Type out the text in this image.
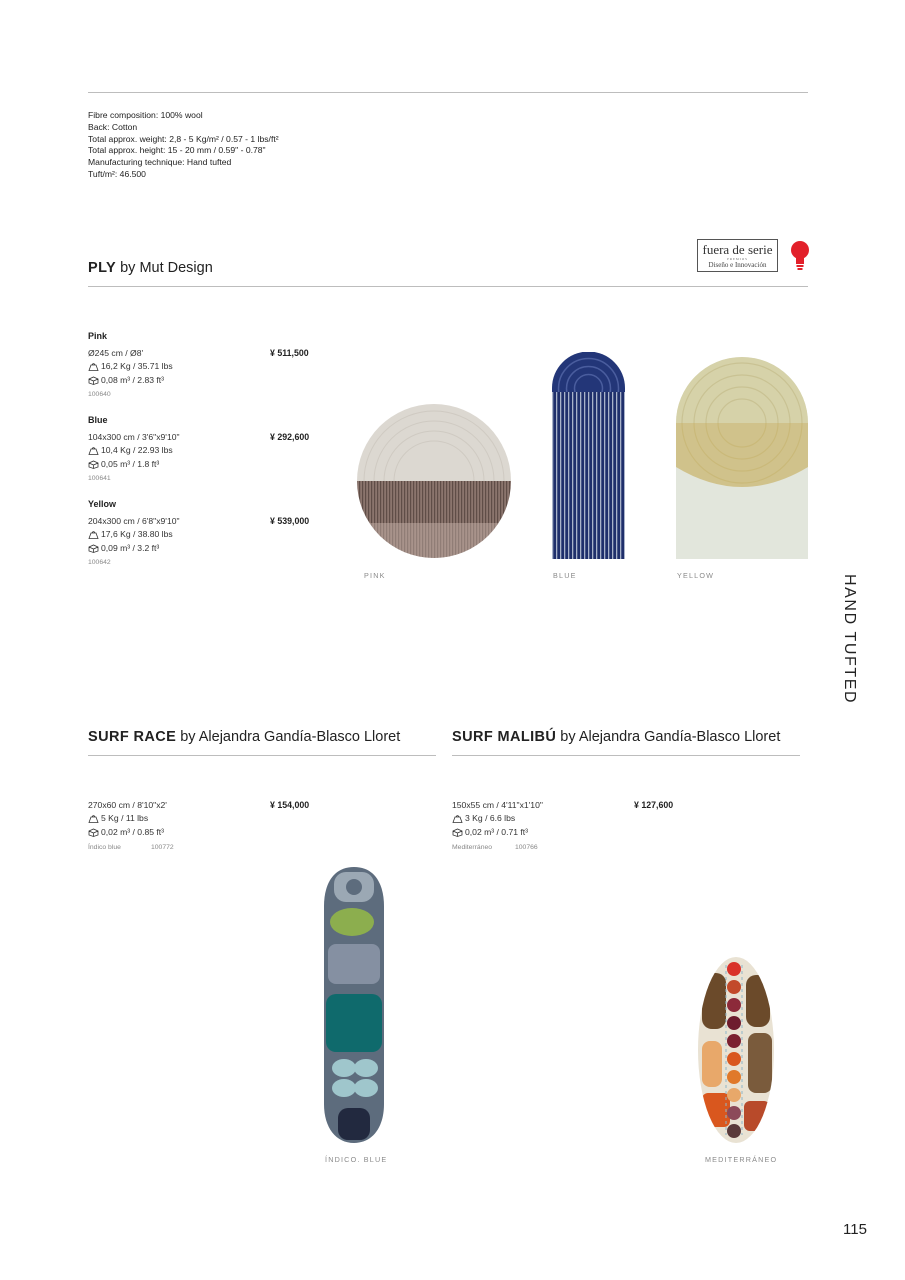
Fibre composition: 100% wool
Back: Cotton
Total approx. weight: 2,8 - 5 Kg/m² / 0.57 - 1 lbs/ft²
Total approx. height: 15 - 20 mm / 0.59" - 0.78"
Manufacturing technique: Hand tufted
Tuft/m²: 46.500
PLY by Mut Design
fuera de serie
PREMIOS
Diseño e Innovación
Pink
Ø245 cm / Ø8'	¥ 511,500
16,2 Kg / 35.71 lbs
0,08 m³ / 2.83 ft³
100640
Blue
104x300 cm / 3'6"x9'10"	¥ 292,600
10,4 Kg / 22.93 lbs
0,05 m³ / 1.8 ft³
100641
Yellow
204x300 cm / 6'8"x9'10"	¥ 539,000
17,6 Kg / 38.80 lbs
0,09 m³ / 3.2 ft³
100642
PINK	BLUE	YELLOW	HAND TUFTED
SURF RACE by Alejandra Gandía-Blasco Lloret
270x60 cm / 8'10"x2'	¥ 154,000
5 Kg / 11 lbs
0,02 m³ / 0.85 ft³
Índico blue	100772
ÍNDICO. BLUE
SURF MALIBÚ by Alejandra Gandía-Blasco Lloret
150x55 cm / 4'11"x1'10"	¥ 127,600
3 Kg / 6.6 lbs
0,02 m³ / 0.71 ft³
Mediterráneo	100766
MEDITERRÁNEO
115
